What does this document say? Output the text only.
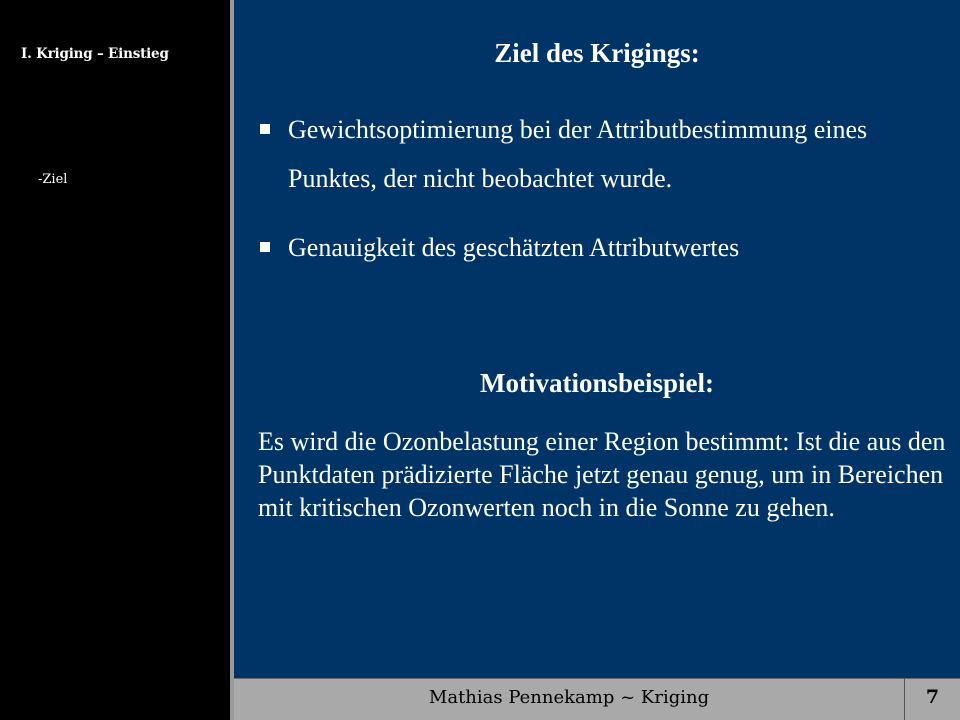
I. Kriging – Einstieg
-Ziel
Ziel des Krigings:
Gewichtsoptimierung bei der Attributbestimmung eines Punktes, der nicht beobachtet wurde.
Genauigkeit des geschätzten Attributwertes
Motivationsbeispiel:
Es wird die Ozonbelastung einer Region bestimmt: Ist die aus den Punktdaten prädizierte Fläche jetzt genau genug, um in Bereichen mit kritischen Ozonwerten noch in die Sonne zu gehen.
Mathias Pennekamp ~ Kriging	7
